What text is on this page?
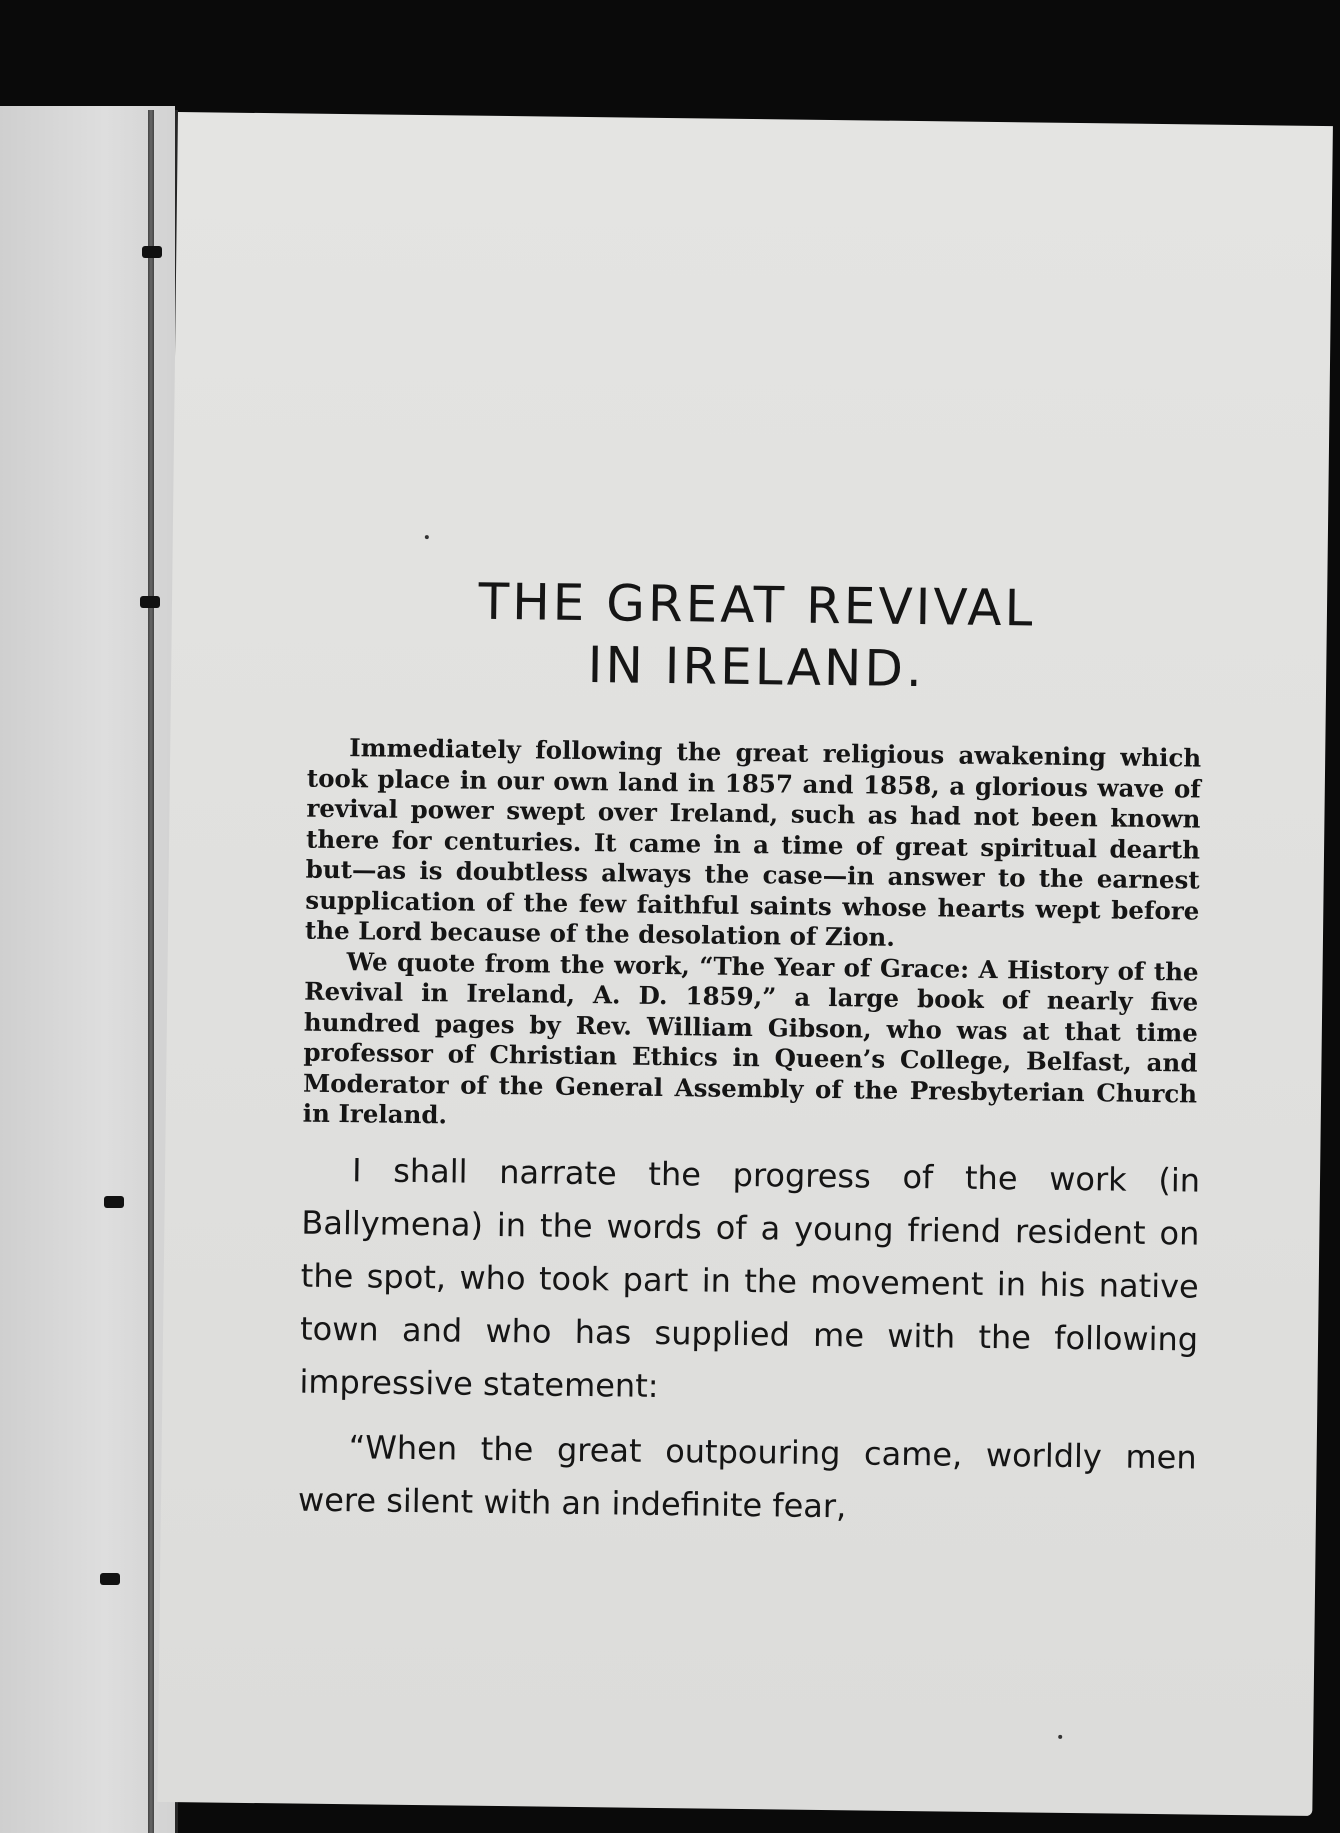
THE GREAT REVIVAL
IN IRELAND.

Immediately following the great religious awakening which took place in our own land in 1857 and 1858, a glorious wave of revival power swept over Ireland, such as had not been known there for centuries. It came in a time of great spiritual dearth but—as is doubtless always the case—in answer to the earnest supplication of the few faithful saints whose hearts wept before the Lord because of the desolation of Zion.

We quote from the work, “The Year of Grace: A History of the Revival in Ireland, A. D. 1859,” a large book of nearly five hundred pages by Rev. William Gibson, who was at that time professor of Christian Ethics in Queen’s College, Belfast, and Moderator of the General Assembly of the Presbyterian Church in Ireland.

I shall narrate the progress of the work (in Ballymena) in the words of a young friend resident on the spot, who took part in the movement in his native town and who has supplied me with the following impressive statement:

“When the great outpouring came, worldly men were silent with an indefinite fear,
